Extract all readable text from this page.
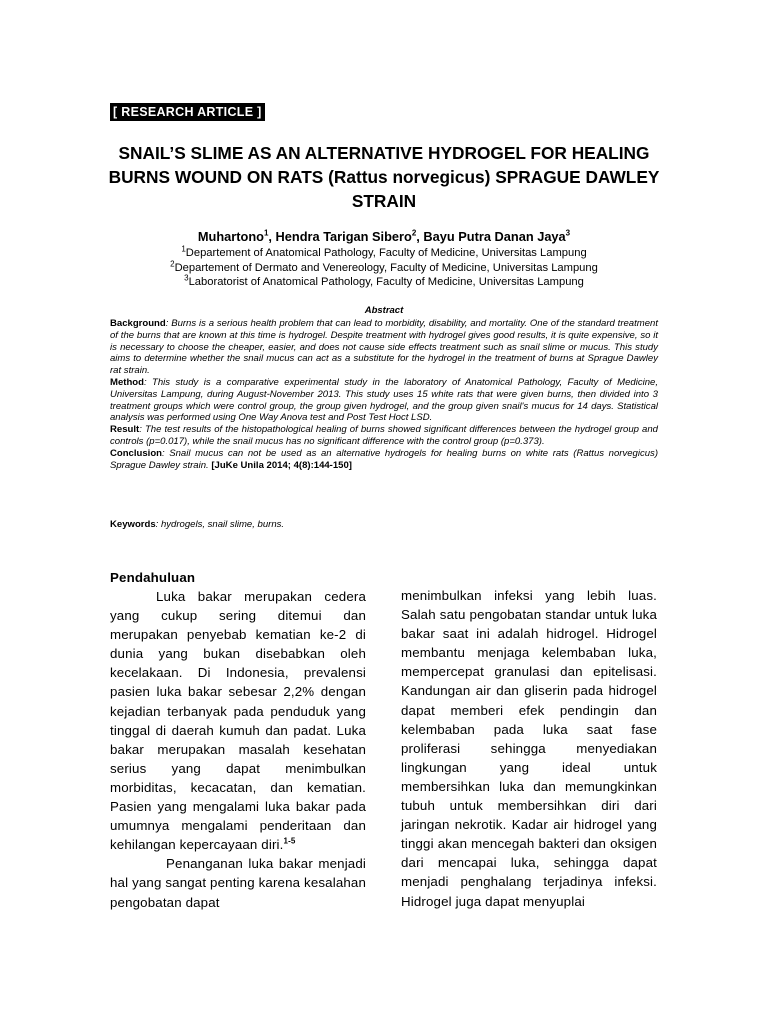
[ RESEARCH ARTICLE ]
SNAIL’S SLIME AS AN ALTERNATIVE HYDROGEL FOR HEALING BURNS WOUND ON RATS (Rattus norvegicus) SPRAGUE DAWLEY STRAIN
Muhartono$^1$, Hendra Tarigan Sibero$^2$, Bayu Putra Danan Jaya$^3$
$^1$Departement of Anatomical Pathology, Faculty of Medicine, Universitas Lampung
$^2$Departement of Dermato and Venereology, Faculty of Medicine, Universitas Lampung
$^3$Laboratorist of Anatomical Pathology, Faculty of Medicine, Universitas Lampung
Abstract

Background: Burns is a serious health problem that can lead to morbidity, disability, and mortality. One of the standard treatment of the burns that are known at this time is hydrogel. Despite treatment with hydrogel gives good results, it is quite expensive, so it is necessary to choose the cheaper, easier, and does not cause side effects treatment such as snail slime or mucus. This study aims to determine whether the snail mucus can act as a substitute for the hydrogel in the treatment of burns at Sprague Dawley rat strain.

Method: This study is a comparative experimental study in the laboratory of Anatomical Pathology, Faculty of Medicine, Universitas Lampung, during August-November 2013. This study uses 15 white rats that were given burns, then divided into 3 treatment groups which were control group, the group given hydrogel, and the group given snail's mucus for 14 days. Statistical analysis was performed using One Way Anova test and Post Test Hoct LSD.

Result: The test results of the histopathological healing of burns showed significant differences between the hydrogel group and controls (p=0.017), while the snail mucus has no significant difference with the control group (p=0.373).

Conclusion: Snail mucus can not be used as an alternative hydrogels for healing burns on white rats (Rattus norvegicus) Sprague Dawley strain. [JuKe Unila 2014; 4(8):144-150]

Keywords: hydrogels, snail slime, burns.

Pendahuluan

Luka bakar merupakan cedera yang cukup sering ditemui dan merupakan penyebab kematian ke-2 di dunia yang bukan disebabkan oleh kecelakaan. Di Indonesia, prevalensi pasien luka bakar sebesar 2,2% dengan kejadian terbanyak pada penduduk yang tinggal di daerah kumuh dan padat. Luka bakar merupakan masalah kesehatan serius yang dapat menimbulkan morbiditas, kecacatan, dan kematian. Pasien yang mengalami luka bakar pada umumnya mengalami penderitaan dan kehilangan kepercayaan diri.$^{1-5}$

Penanganan luka bakar menjadi hal yang sangat penting karena kesalahan pengobatan dapat

menimbulkan infeksi yang lebih luas. Salah satu pengobatan standar untuk luka bakar saat ini adalah hidrogel. Hidrogel membantu menjaga kelembaban luka, mempercepat granulasi dan epitelisasi. Kandungan air dan gliserin pada hidrogel dapat memberi efek pendingin dan kelembaban pada luka saat fase proliferasi sehingga menyediakan lingkungan yang ideal untuk membersihkan luka dan memungkinkan tubuh untuk membersihkan diri dari jaringan nekrotik. Kadar air hidrogel yang tinggi akan mencegah bakteri dan oksigen dari mencapai luka, sehingga dapat menjadi penghalang terjadinya infeksi. Hidrogel juga dapat menyuplai
